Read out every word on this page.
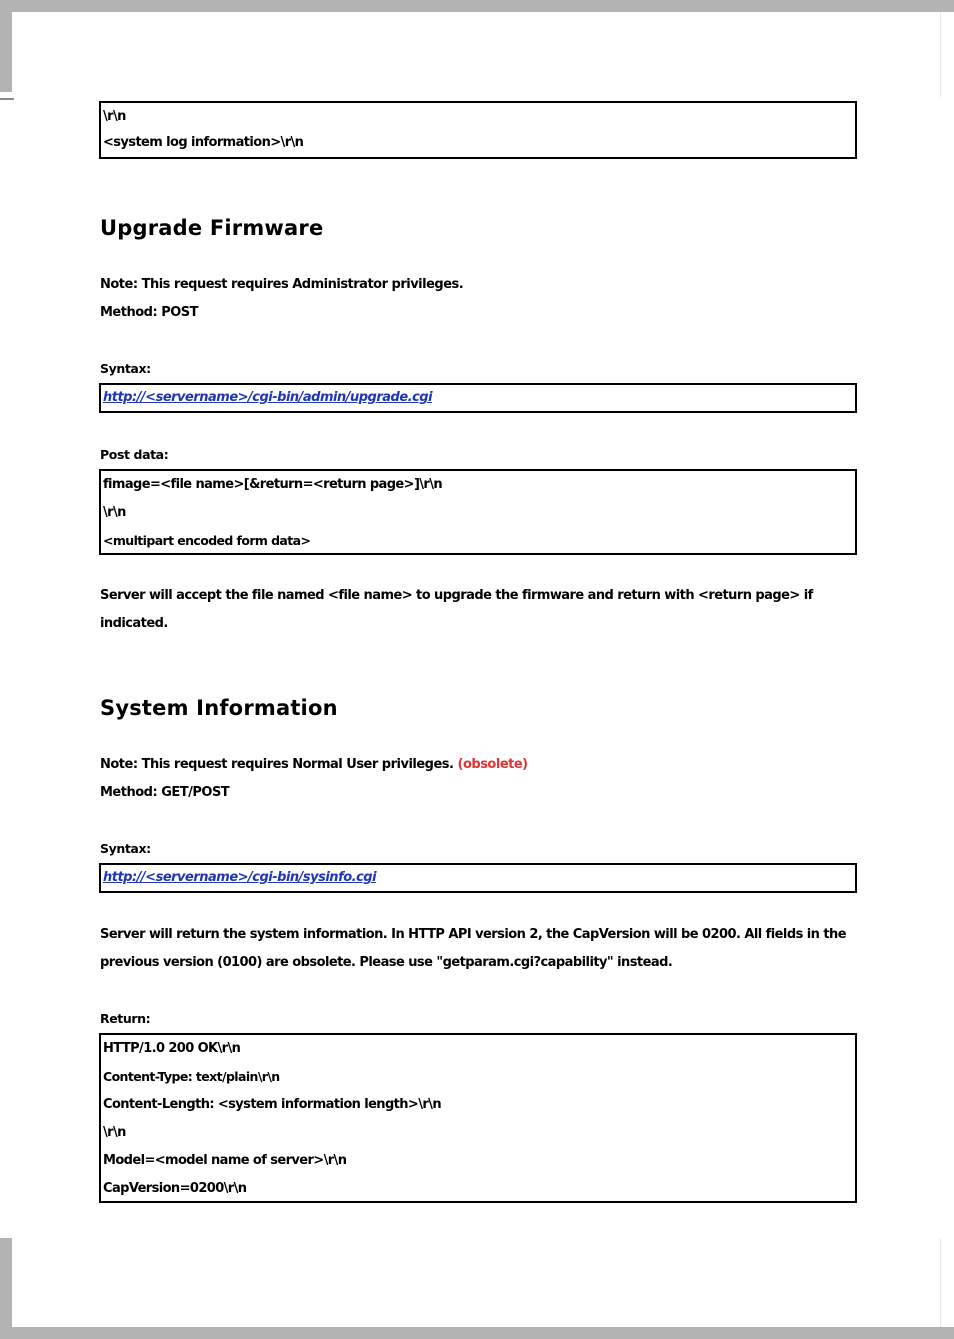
\r\n
<system log information>\r\n
Upgrade Firmware
Note: This request requires Administrator privileges.
Method: POST
Syntax:
http://<servername>/cgi-bin/admin/upgrade.cgi
Post data:
fimage=<file name>[&return=<return page>]\r\n
\r\n
<multipart encoded form data>
Server will accept the file named <file name> to upgrade the firmware and return with <return page> if indicated.
System Information
Note: This request requires Normal User privileges. (obsolete)
Method: GET/POST
Syntax:
http://<servername>/cgi-bin/sysinfo.cgi
Server will return the system information. In HTTP API version 2, the CapVersion will be 0200. All fields in the previous version (0100) are obsolete. Please use "getparam.cgi?capability" instead.
Return:
HTTP/1.0 200 OK\r\n
Content-Type: text/plain\r\n
Content-Length: <system information length>\r\n
\r\n
Model=<model name of server>\r\n
CapVersion=0200\r\n
